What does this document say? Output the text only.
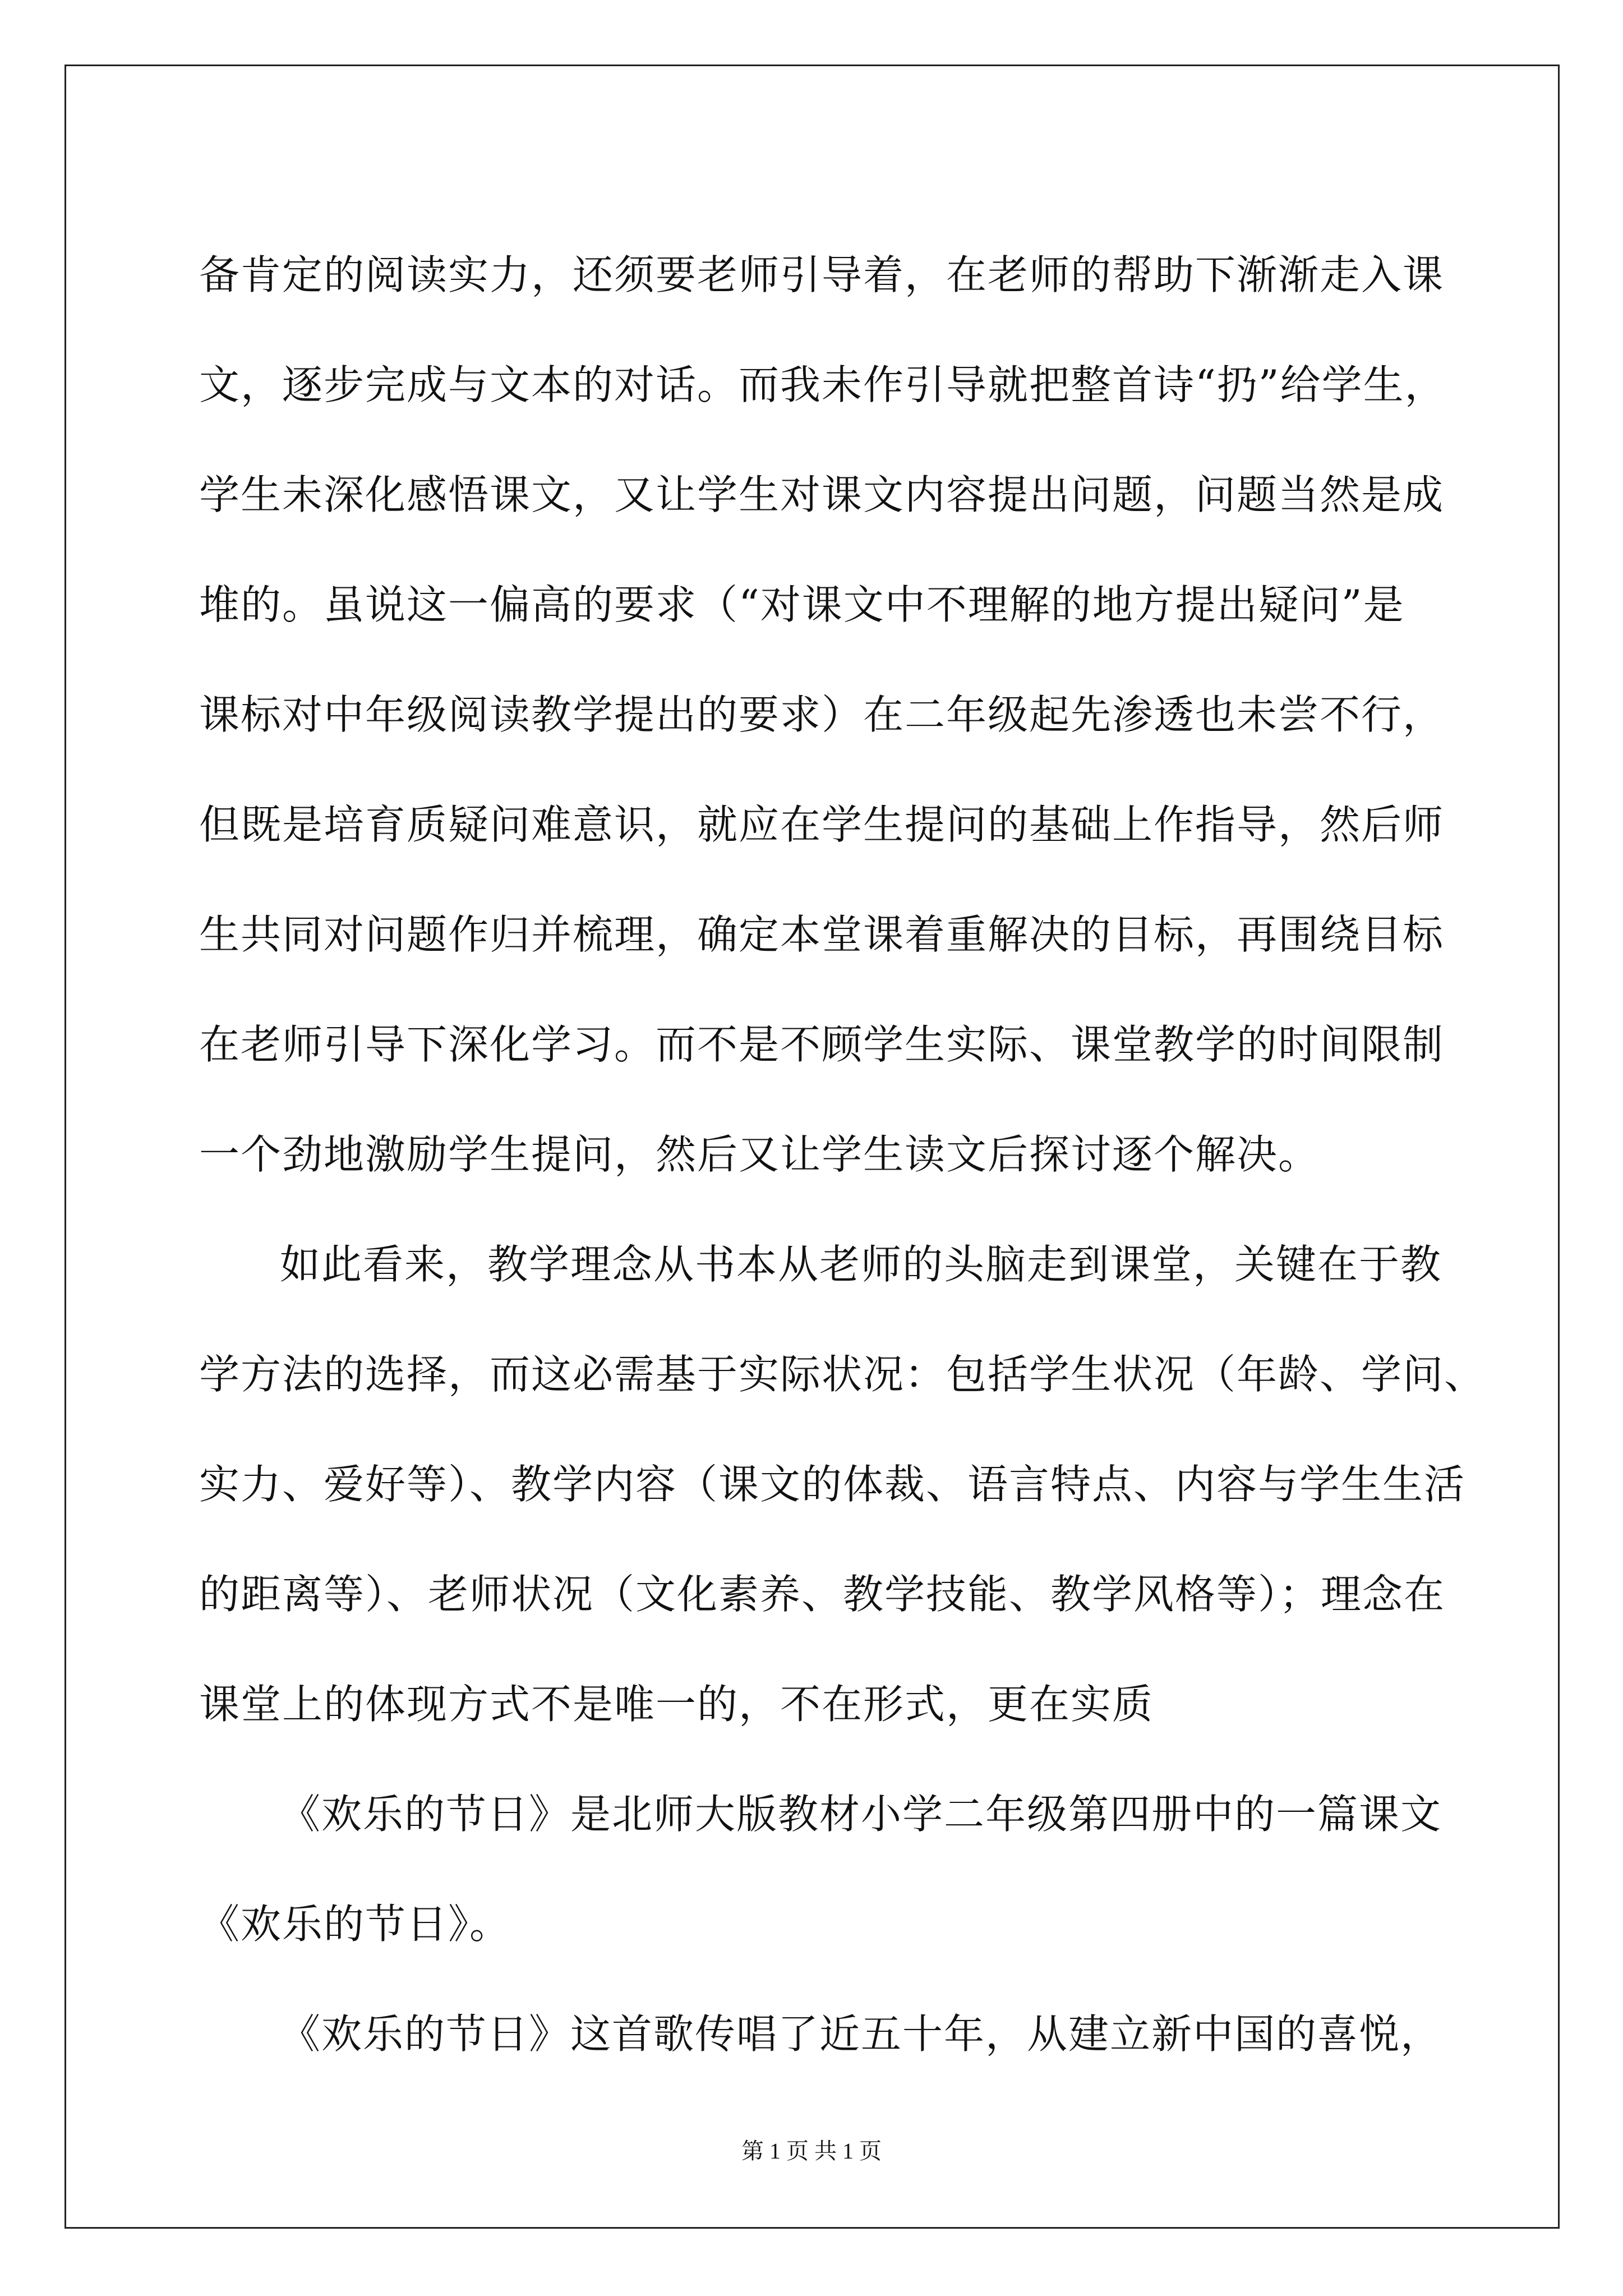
备肯定的阅读实力，还须要老师引导着，在老师的帮助下渐渐走入课
文，逐步完成与文本的对话。而我未作引导就把整首诗“扔”给学生，
学生未深化感悟课文，又让学生对课文内容提出问题，问题当然是成
堆的。虽说这一偏高的要求（“对课文中不理解的地方提出疑问”是
课标对中年级阅读教学提出的要求）在二年级起先渗透也未尝不行，
但既是培育质疑问难意识，就应在学生提问的基础上作指导，然后师
生共同对问题作归并梳理，确定本堂课着重解决的目标，再围绕目标
在老师引导下深化学习。而不是不顾学生实际、课堂教学的时间限制
一个劲地激励学生提问，然后又让学生读文后探讨逐个解决。
如此看来，教学理念从书本从老师的头脑走到课堂，关键在于教
学方法的选择，而这必需基于实际状况：包括学生状况（年龄、学问、
实力、爱好等）、教学内容（课文的体裁、语言特点、内容与学生生活
的距离等）、老师状况（文化素养、教学技能、教学风格等）；理念在
课堂上的体现方式不是唯一的，不在形式，更在实质
《欢乐的节日》是北师大版教材小学二年级第四册中的一篇课文
《欢乐的节日》。
《欢乐的节日》这首歌传唱了近五十年，从建立新中国的喜悦，
第 1 页 共 1 页
